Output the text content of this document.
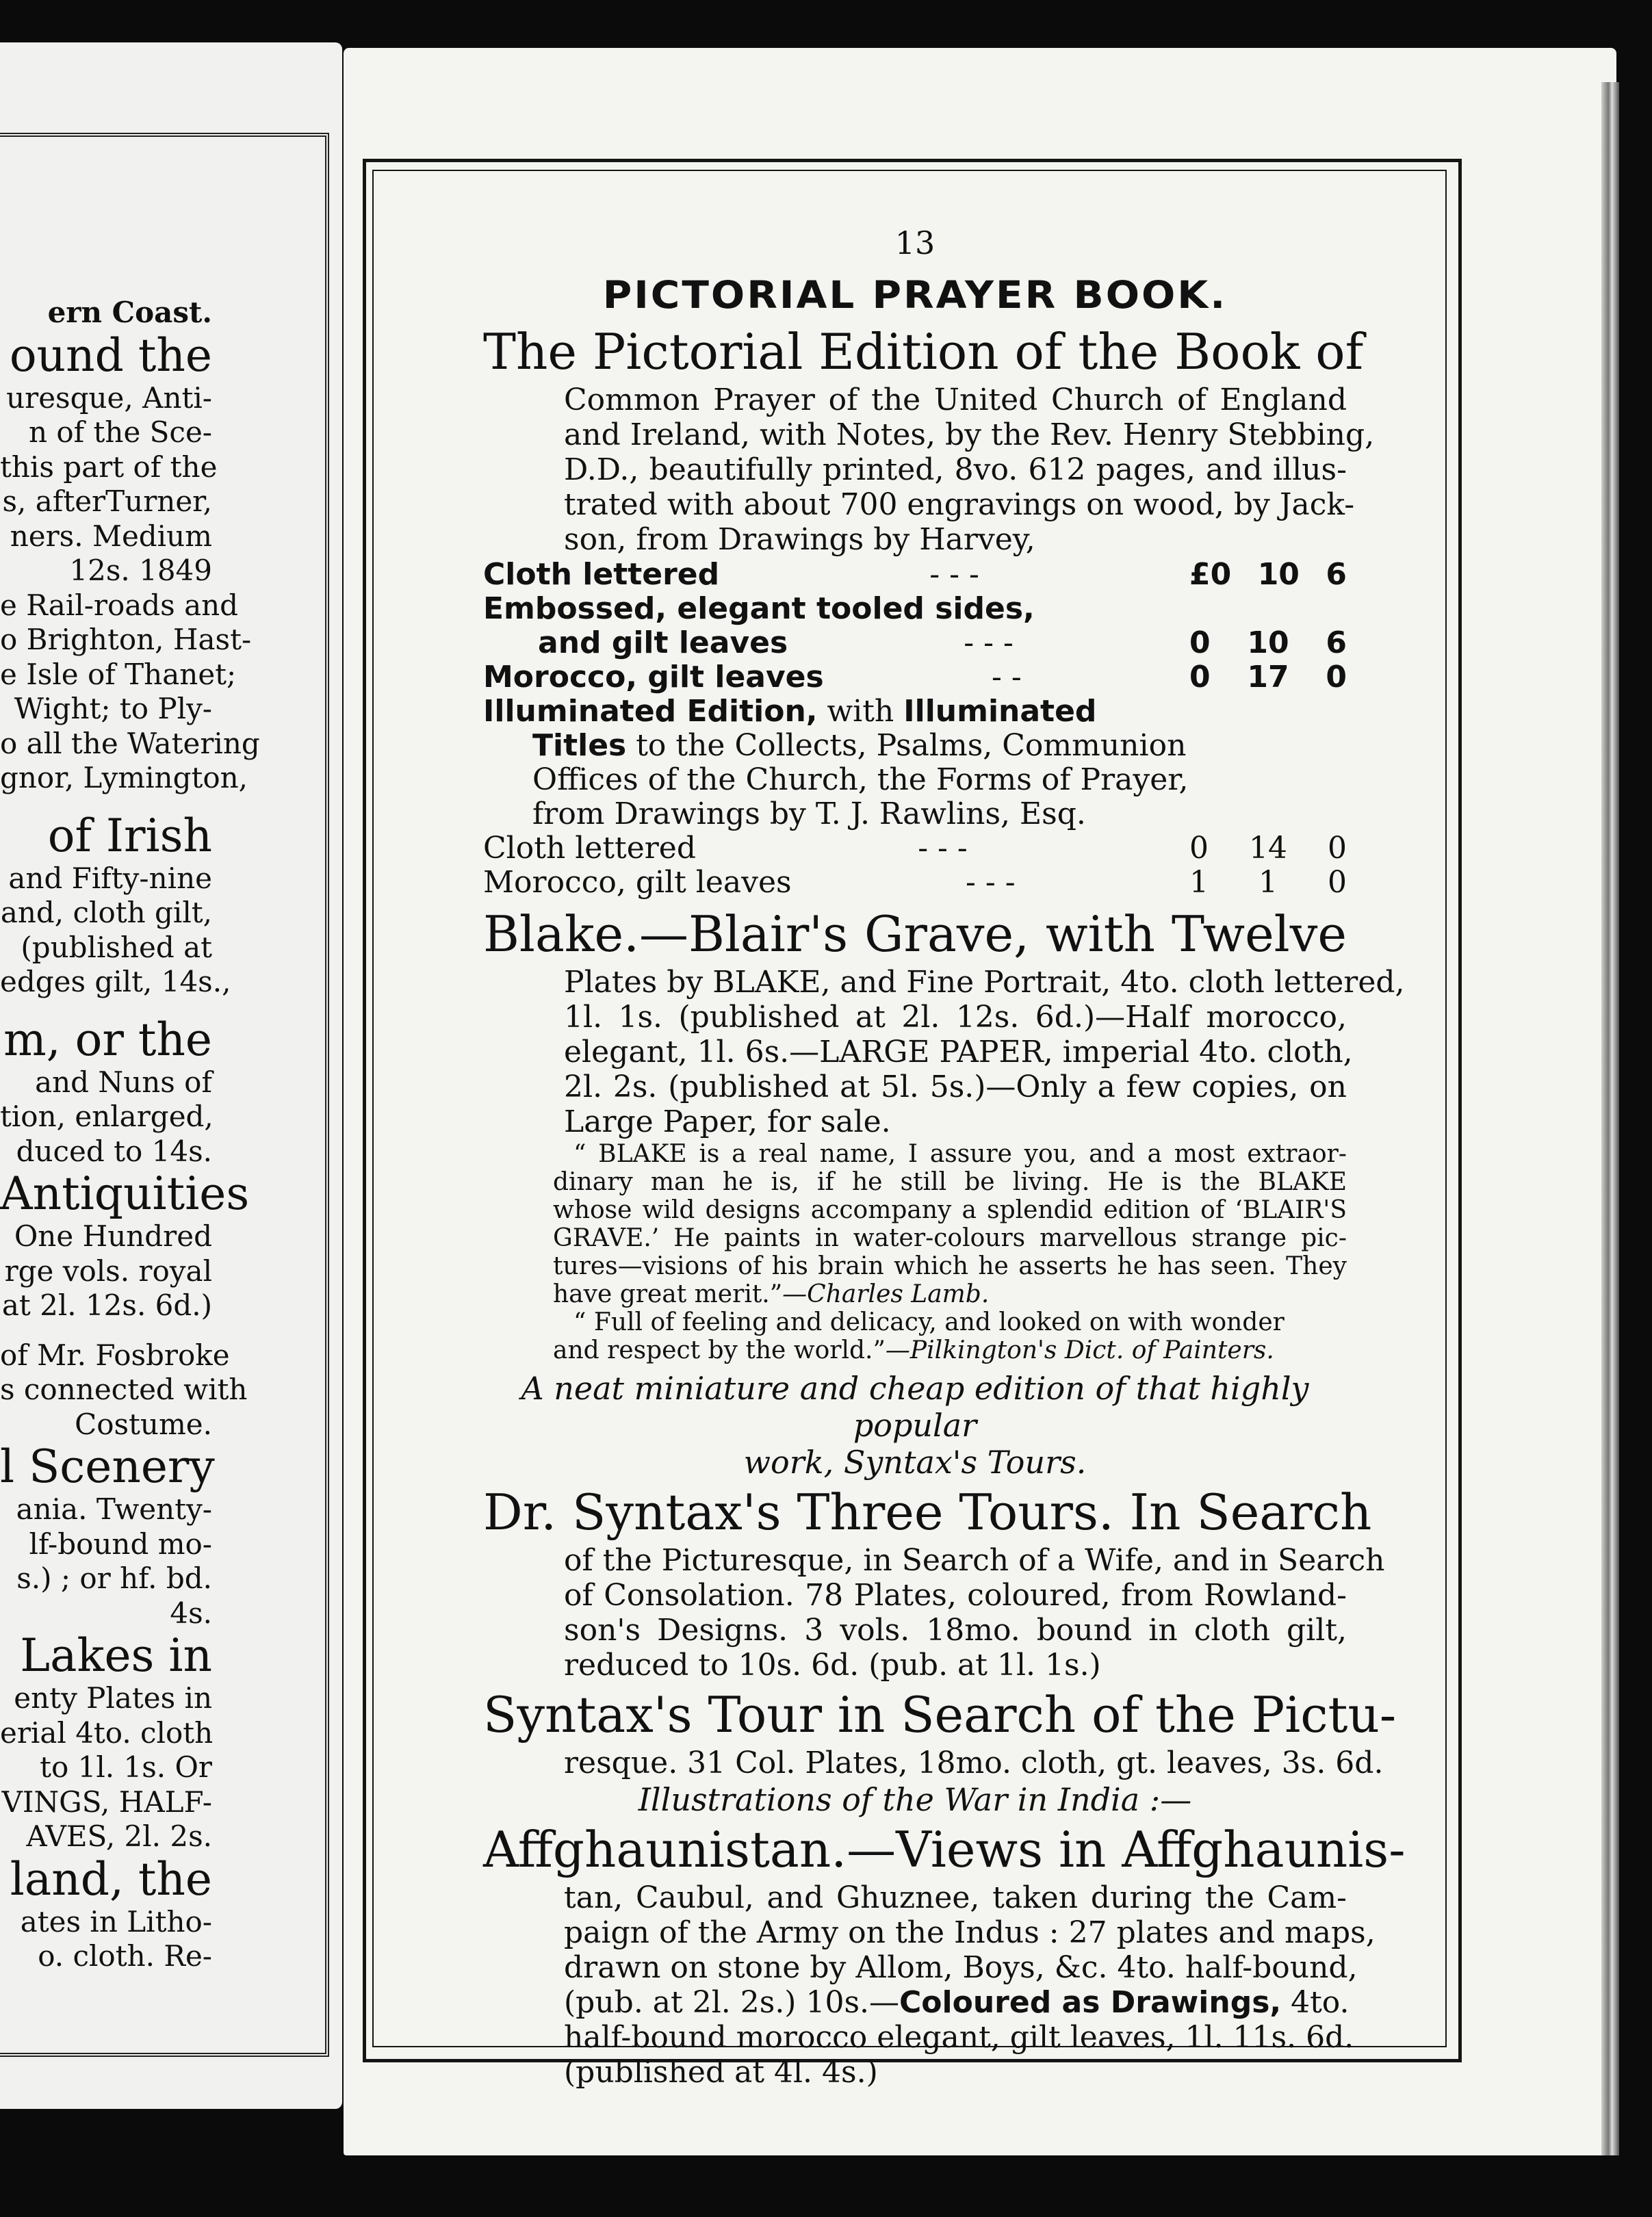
ern Coast.
ound the
uresque, Anti-
n of the Sce-
this part of the
s, afterTurner,
ners. Medium
12s. 1849
e Rail-roads and
o Brighton, Hast-
e Isle of Thanet;
Wight; to Ply-
o all the Watering
gnor, Lymington,
of Irish
and Fifty-nine
and, cloth gilt,
(published at
edges gilt, 14s.,
m, or the
and Nuns of
tion, enlarged,
duced to 14s.
Antiquities
One Hundred
rge vols. royal
at 2l. 12s. 6d.)
of Mr. Fosbroke
s connected with
Costume.
l Scenery
ania. Twenty-
lf-bound mo-
s.) ; or hf. bd.
4s.
Lakes in
enty Plates in
erial 4to. cloth
to 1l. 1s. Or
VINGS, HALF-
AVES, 2l. 2s.
land, the
ates in Litho-
o. cloth. Re-
13
PICTORIAL PRAYER BOOK.
The Pictorial Edition of the Book of
Common Prayer of the United Church of England
and Ireland, with Notes, by the Rev. Henry Stebbing,
D.D., beautifully printed, 8vo. 612 pages, and illus-
trated with about 700 engravings on wood, by Jack-
son, from Drawings by Harvey,
Cloth lettered	- - -	£0 10 6
Embossed, elegant tooled sides,
and gilt leaves	- - -	0 10 6
Morocco, gilt leaves	- -	0 17 0
Illuminated Edition, with Illuminated
Titles to the Collects, Psalms, Communion
Offices of the Church, the Forms of Prayer,
from Drawings by T. J. Rawlins, Esq.
Cloth lettered	- - -	0 14 0
Morocco, gilt leaves	- - -	1 1 0
Blake.—Blair's Grave, with Twelve
Plates by BLAKE, and Fine Portrait, 4to. cloth lettered,
1l. 1s. (published at 2l. 12s. 6d.)—Half morocco,
elegant, 1l. 6s.—LARGE PAPER, imperial 4to. cloth,
2l. 2s. (published at 5l. 5s.)—Only a few copies, on
Large Paper, for sale.
“ BLAKE is a real name, I assure you, and a most extraor-
dinary man he is, if he still be living. He is the BLAKE
whose wild designs accompany a splendid edition of ‘BLAIR'S
GRAVE.’ He paints in water-colours marvellous strange pic-
tures—visions of his brain which he asserts he has seen. They
have great merit.”—Charles Lamb.
“ Full of feeling and delicacy, and looked on with wonder
and respect by the world.”—Pilkington's Dict. of Painters.
A neat miniature and cheap edition of that highly popular
work, Syntax's Tours.
Dr. Syntax's Three Tours. In Search
of the Picturesque, in Search of a Wife, and in Search
of Consolation. 78 Plates, coloured, from Rowland-
son's Designs. 3 vols. 18mo. bound in cloth gilt,
reduced to 10s. 6d. (pub. at 1l. 1s.)
Syntax's Tour in Search of the Pictu-
resque. 31 Col. Plates, 18mo. cloth, gt. leaves, 3s. 6d.
Illustrations of the War in India :—
Affghaunistan.—Views in Affghaunis-
tan, Caubul, and Ghuznee, taken during the Cam-
paign of the Army on the Indus : 27 plates and maps,
drawn on stone by Allom, Boys, &c. 4to. half-bound,
(pub. at 2l. 2s.) 10s.—Coloured as Drawings, 4to.
half-bound morocco elegant, gilt leaves, 1l. 11s. 6d.
(published at 4l. 4s.)
